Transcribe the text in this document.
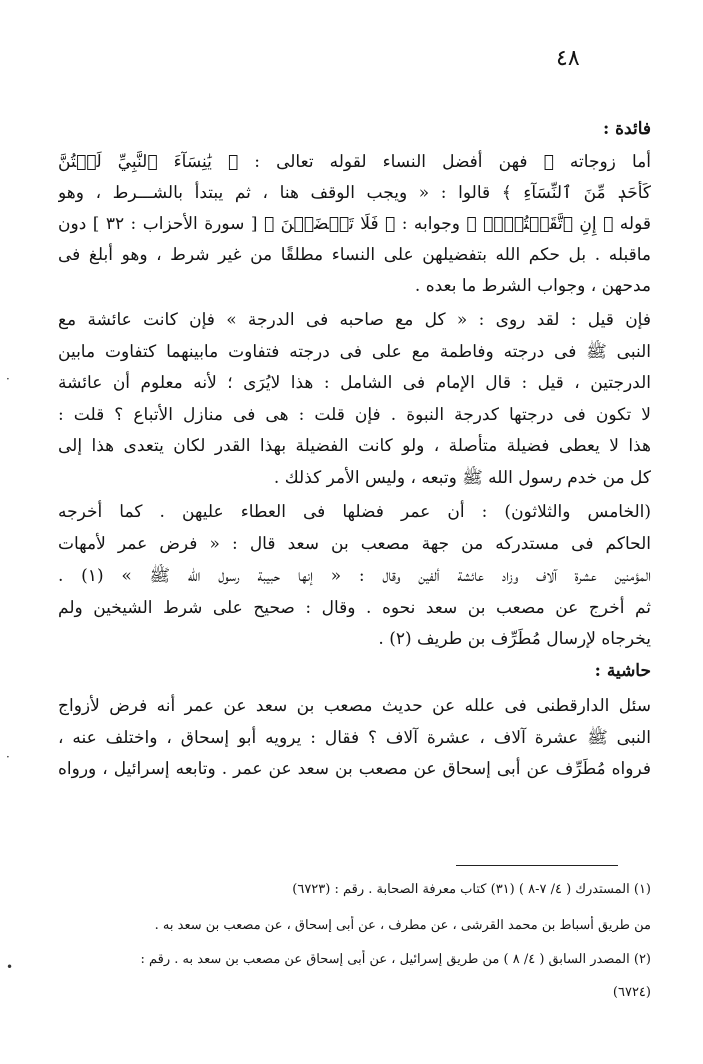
٤٨
فائدة :
أما زوجاته ﷺ فهن أفضل النساء لقوله تعالى : ﴿ يَٰنِسَآءَ ٱلنَّبِيِّ لَسۡتُنَّ
كَأَحَدٖ مِّنَ ٱلنِّسَآءِ ﴾ قالوا : « ويجب الوقف هنا ، ثم يبتدأ بالشـــرط ، وهو
قوله ﴿ إِنِ ٱتَّقَيۡتُنَّۚ ﴾ وجوابه : ﴿ فَلَا تَخۡضَعۡنَ ﴾ [ سورة الأحزاب : ٣٢ ] دون
ماقبله . بل حكم الله بتفضيلهن على النساء مطلقًا من غير شرط ، وهو أبلغ فى
مدحهن ، وجواب الشرط ما بعده .
فإن قيل : لقد روى : « كل مع صاحبه فى الدرجة » فإن كانت عائشة مع
النبى ﷺ فى درجته وفاطمة مع على فى درجته فتفاوت مابينهما كتفاوت مابين
الدرجتين ، قيل : قال الإمام فى الشامل : هذا لايُرَى ؛ لأنه معلوم أن عائشة
لا تكون فى درجتها كدرجة النبوة . فإن قلت : هى فى منازل الأتباع ؟ قلت :
هذا لا يعطى فضيلة متأصلة ، ولو كانت الفضيلة بهذا القدر لكان يتعدى هذا إلى
كل من خدم رسول الله ﷺ وتبعه ، وليس الأمر كذلك .
(الخامس والثلاثون) : أن عمر فضلها فى العطاء عليهن . كما أخرجه
الحاكم فى مستدركه من جهة مصعب بن سعد قال : « فرض عمر لأمهات
المؤمنين عشرة آلاف وزاد عائشة ألفين وقال : « إنها حبيبة رسول الله ﷺ » (١) .
ثم أخرج عن مصعب بن سعد نحوه . وقال : صحيح على شرط الشيخين ولم
يخرجاه لإرسال مُطَرِّف بن طريف (٢) .
حاشية :
سئل الدارقطنى فى علله عن حديث مصعب بن سعد عن عمر أنه فرض لأزواج
النبى ﷺ عشرة آلاف ، عشرة آلاف ؟ فقال : يرويه أبو إسحاق ، واختلف عنه ،
فرواه مُطَرِّف عن أبى إسحاق عن مصعب بن سعد عن عمر . وتابعه إسرائيل ، ورواه
(١) المستدرك ( ٤/ ٧-٨ ) (٣١) كتاب معرفة الصحابة . رقم : (٦٧٢٣)
من طريق أسباط بن محمد القرشى ، عن مطرف ، عن أبى إسحاق ، عن مصعب بن سعد به .
(٢) المصدر السابق ( ٤/ ٨ ) من طريق إسرائيل ، عن أبى إسحاق عن مصعب بن سعد به . رقم :
(٦٧٢٤)
·
·
•
